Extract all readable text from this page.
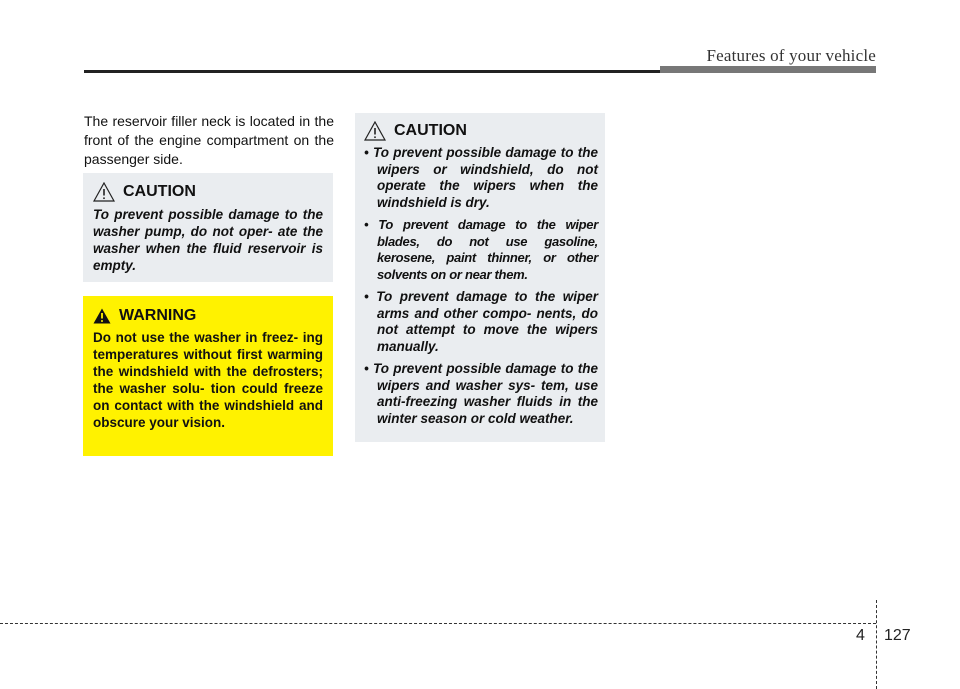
Features of your vehicle

The reservoir filler neck is located in the front of the engine compartment on the passenger side.

CAUTION
To prevent possible damage to the washer pump, do not oper- ate the washer when the fluid reservoir is empty.
WARNING
Do not use the washer in freez- ing temperatures without first warming the windshield with the defrosters; the washer solu- tion could freeze on contact with the windshield and obscure your vision.
CAUTION
• To prevent possible damage to the wipers or windshield, do not operate the wipers when the windshield is dry.
• To prevent damage to the wiper blades, do not use gasoline, kerosene, paint thinner, or other solvents on or near them.
• To prevent damage to the wiper arms and other compo- nents, do not attempt to move the wipers manually.
• To prevent possible damage to the wipers and washer sys- tem, use anti-freezing washer fluids in the winter season or cold weather.
4 127
